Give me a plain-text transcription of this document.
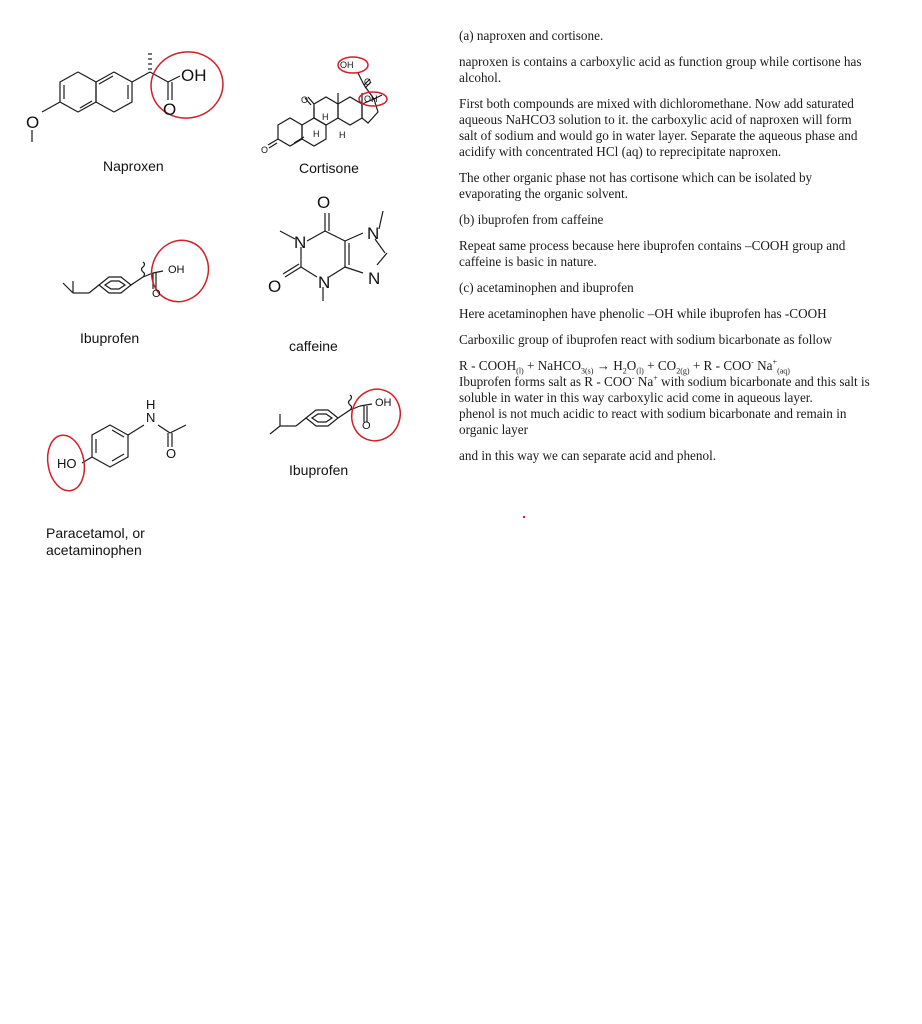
OH
O
O
Naproxen
OH
OH
O
O
O
H
H H
Cortisone
OH
O
Ibuprofen
N
N
N
N
O
O
caffeine
HO
H
N
O
Paracetamol, or
acetaminophen
OH
O
Ibuprofen

(a) naproxen and cortisone.

naproxen is contains a carboxylic acid as function group while cortisone has alcohol.

First both compounds are mixed with dichloromethane. Now add saturated aqueous NaHCO3 solution to it. the carboxylic acid of naproxen will form salt of sodium and would go in water layer. Separate the aqueous phase and acidify with concentrated HCl (aq) to reprecipitate naproxen.

The other organic phase not has cortisone which can be isolated by evaporating the organic solvent.

(b) ibuprofen from caffeine

Repeat same process because here ibuprofen contains –COOH group and caffeine is basic in nature.

(c) acetaminophen and ibuprofen

Here acetaminophen have phenolic –OH while ibuprofen has -COOH

Carboxilic group of ibuprofen react with sodium bicarbonate as follow

R - $COOH_{(l)}$ + NaHCO$_{3(s)}$ → $H_2O_{(l)} + CO_{2(g)} + R - COO^-$ $Na^+_{(aq)}$

Ibuprofen forms salt as R - COO- Na+ with sodium bicarbonate and this salt is soluble in water in this way carboxylic acid come in aqueous layer.

phenol is not much acidic to react with sodium bicarbonate and remain in organic layer

and in this way we can separate acid and phenol.
